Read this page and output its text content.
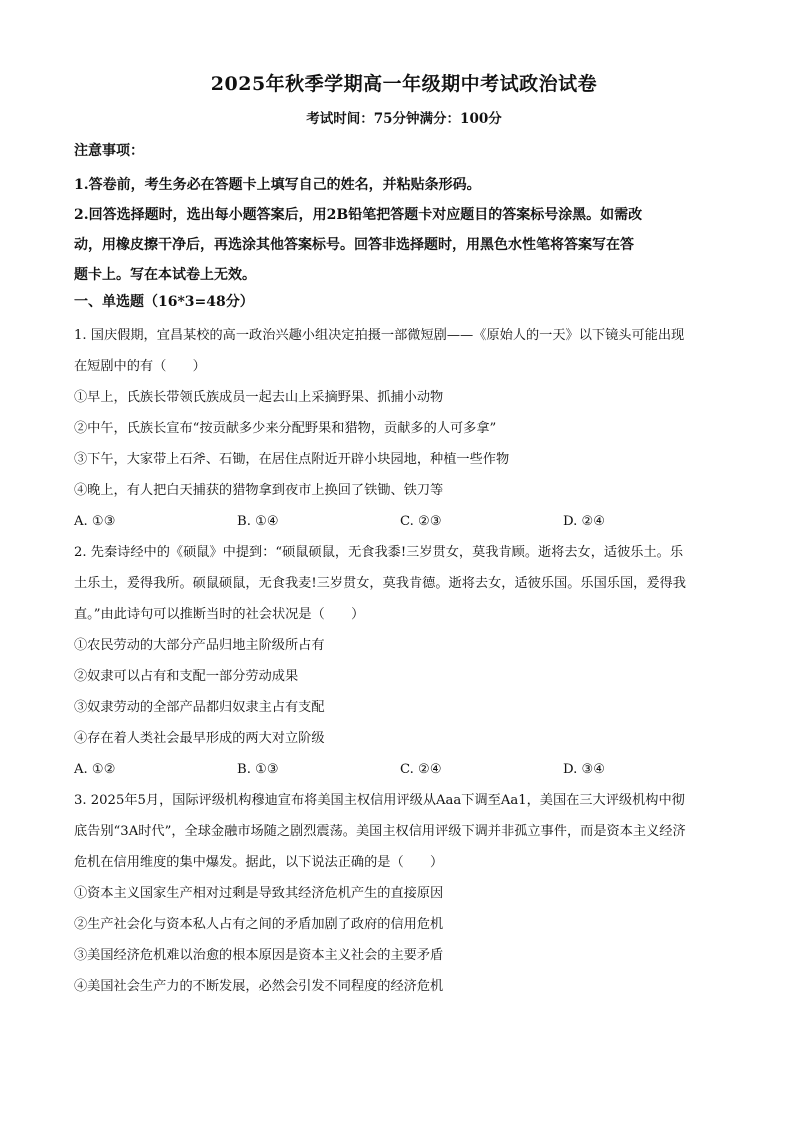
2025年秋季学期高一年级期中考试政治试卷
考试时间：75分钟满分：100分
注意事项：
1.答卷前，考生务必在答题卡上填写自己的姓名，并粘贴条形码。
2.回答选择题时，选出每小题答案后，用2B铅笔把答题卡对应题目的答案标号涂黑。如需改
动，用橡皮擦干净后，再选涂其他答案标号。回答非选择题时，用黑色水性笔将答案写在答
题卡上。写在本试卷上无效。
一、单选题（16*3=48分）
1. 国庆假期，宜昌某校的高一政治兴趣小组决定拍摄一部微短剧——《原始人的一天》以下镜头可能出现
在短剧中的有（　　）
①早上，氏族长带领氏族成员一起去山上采摘野果、抓捕小动物
②中午，氏族长宣布“按贡献多少来分配野果和猎物，贡献多的人可多拿”
③下午，大家带上石斧、石锄，在居住点附近开辟小块园地，种植一些作物
④晚上，有人把白天捕获的猎物拿到夜市上换回了铁锄、铁刀等
A. ①③	B. ①④	C. ②③	D. ②④
2. 先秦诗经中的《硕鼠》中提到：“硕鼠硕鼠，无食我黍!三岁贯女，莫我肯顾。逝将去女，适彼乐土。乐
土乐土，爰得我所。硕鼠硕鼠，无食我麦!三岁贯女，莫我肯德。逝将去女，适彼乐国。乐国乐国，爰得我
直。”由此诗句可以推断当时的社会状况是（　　）
①农民劳动的大部分产品归地主阶级所占有
②奴隶可以占有和支配一部分劳动成果
③奴隶劳动的全部产品都归奴隶主占有支配
④存在着人类社会最早形成的两大对立阶级
A. ①②	B. ①③	C. ②④	D. ③④
3. 2025年5月，国际评级机构穆迪宣布将美国主权信用评级从Aaa下调至Aa1，美国在三大评级机构中彻
底告别“3A时代”，全球金融市场随之剧烈震荡。美国主权信用评级下调并非孤立事件，而是资本主义经济
危机在信用维度的集中爆发。据此，以下说法正确的是（　　）
①资本主义国家生产相对过剩是导致其经济危机产生的直接原因
②生产社会化与资本私人占有之间的矛盾加剧了政府的信用危机
③美国经济危机难以治愈的根本原因是资本主义社会的主要矛盾
④美国社会生产力的不断发展，必然会引发不同程度的经济危机
